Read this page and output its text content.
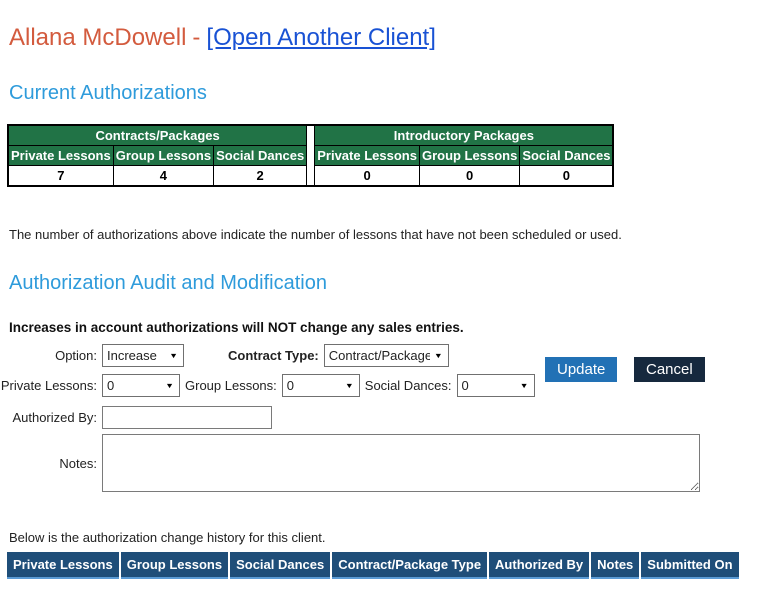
Allana McDowell - [Open Another Client]
Current Authorizations
Contracts/Packages				Introductory Packages		
Private Lessons	Group Lessons	Social Dances		Private Lessons	Group Lessons	Social Dances
7	4	2		0	0	0

The number of authorizations above indicate the number of lessons that have not been scheduled or used.

Authorization Audit and Modification

Increases in account authorizations will NOT change any sales entries.

Option:
Increase	▼	Contract Type:
Contract/Package	▼
Update	Cancel
Private Lessons:
0	▼ Group Lessons:
0	▼ Social Dances:
0	▼
Authorized By:
Notes:

Below is the authorization change history for this client.

Private Lessons	Group Lessons	Social Dances	Contract/Package Type	Authorized By	Notes	Submitted On
